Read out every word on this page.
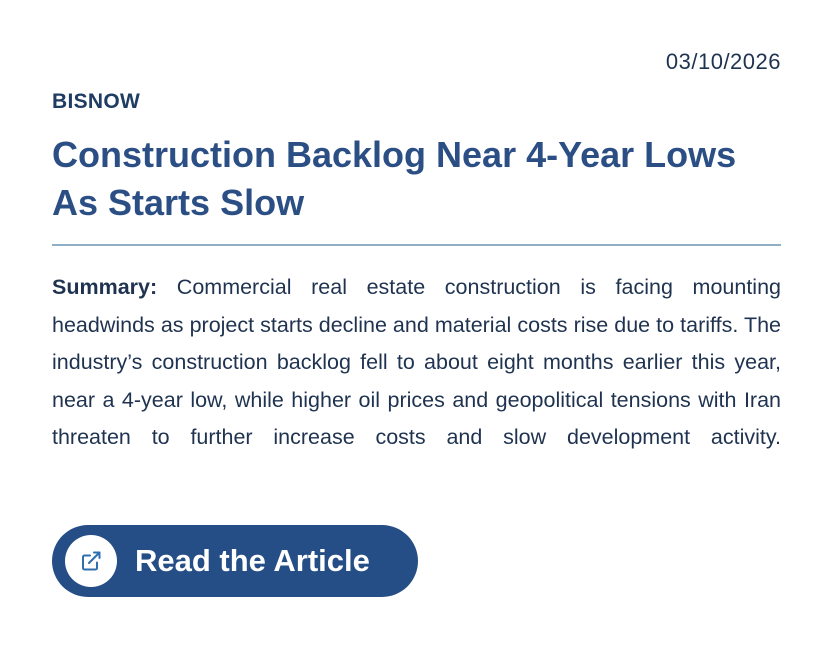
03/10/2026
BISNOW
Construction Backlog Near 4-Year Lows As Starts Slow

Summary: Commercial real estate construction is facing mounting headwinds as project starts decline and material costs rise due to tariffs. The industry’s construction backlog fell to about eight months earlier this year, near a 4-year low, while higher oil prices and geopolitical tensions with Iran threaten to further increase costs and slow development activity.

Read the Article
